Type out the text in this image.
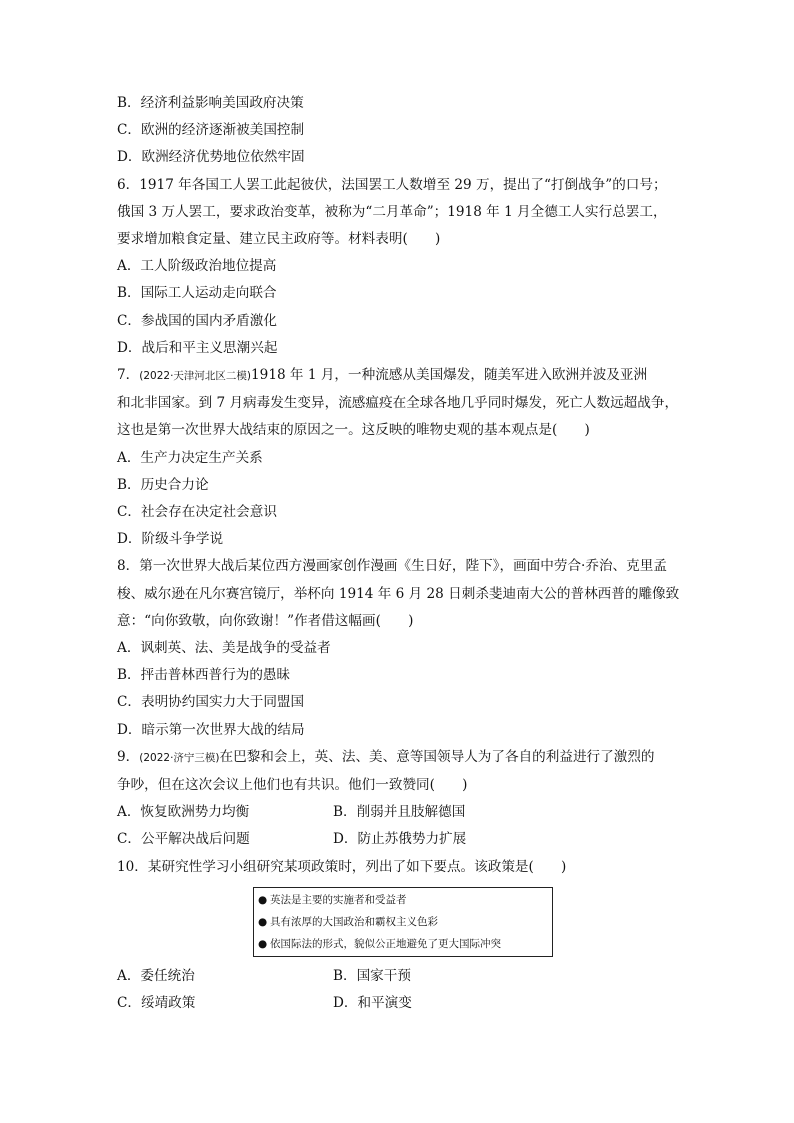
B．经济利益影响美国政府决策
C．欧洲的经济逐渐被美国控制
D．欧洲经济优势地位依然牢固
6．1917 年各国工人罢工此起彼伏，法国罢工人数增至 29 万，提出了“打倒战争”的口号；
俄国 3 万人罢工，要求政治变革，被称为“二月革命”；1918 年 1 月全德工人实行总罢工，
要求增加粮食定量、建立民主政府等。材料表明(　　)
A．工人阶级政治地位提高
B．国际工人运动走向联合
C．参战国的国内矛盾激化
D．战后和平主义思潮兴起
7．(2022·天津河北区二模)1918 年 1 月，一种流感从美国爆发，随美军进入欧洲并波及亚洲
和北非国家。到 7 月病毒发生变异，流感瘟疫在全球各地几乎同时爆发，死亡人数远超战争，
这也是第一次世界大战结束的原因之一。这反映的唯物史观的基本观点是(　　)
A．生产力决定生产关系
B．历史合力论
C．社会存在决定社会意识
D．阶级斗争学说
8．第一次世界大战后某位西方漫画家创作漫画《生日好，陛下》，画面中劳合·乔治、克里孟
梭、威尔逊在凡尔赛宫镜厅，举杯向 1914 年 6 月 28 日刺杀斐迪南大公的普林西普的雕像致
意：“向你致敬，向你致谢！”作者借这幅画(　　)
A．讽刺英、法、美是战争的受益者
B．抨击普林西普行为的愚昧
C．表明协约国实力大于同盟国
D．暗示第一次世界大战的结局
9．(2022·济宁三模)在巴黎和会上，英、法、美、意等国领导人为了各自的利益进行了激烈的
争吵，但在这次会议上他们也有共识。他们一致赞同(　　)
A．恢复欧洲势力均衡	B．削弱并且肢解德国
C．公平解决战后问题	D．防止苏俄势力扩展
10．某研究性学习小组研究某项政策时，列出了如下要点。该政策是(　　)
● 英法是主要的实施者和受益者
● 具有浓厚的大国政治和霸权主义色彩
● 依国际法的形式，貌似公正地避免了更大国际冲突
A．委任统治	B．国家干预
C．绥靖政策	D．和平演变
